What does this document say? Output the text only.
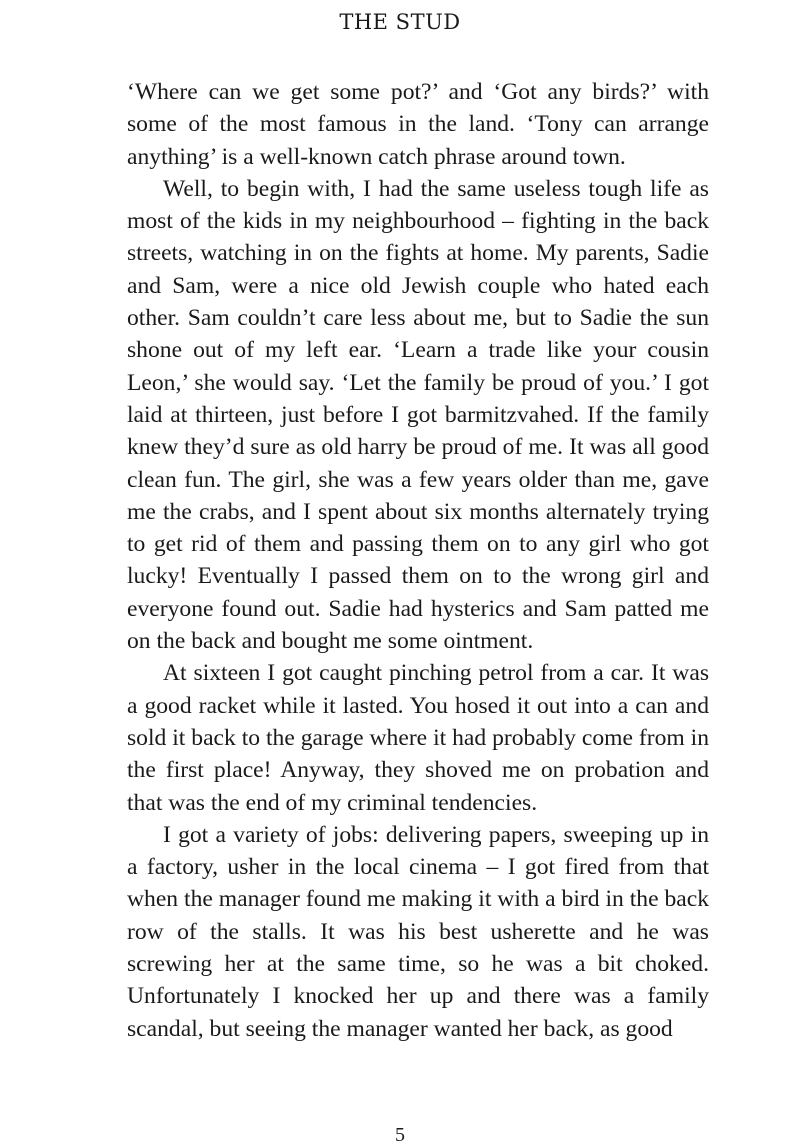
THE STUD

‘Where can we get some pot?’ and ‘Got any birds?’ with some of the most famous in the land. ‘Tony can arrange anything’ is a well-known catch phrase around town.

Well, to begin with, I had the same useless tough life as most of the kids in my neighbourhood – fighting in the back streets, watching in on the fights at home. My parents, Sadie and Sam, were a nice old Jewish couple who hated each other. Sam couldn’t care less about me, but to Sadie the sun shone out of my left ear. ‘Learn a trade like your cousin Leon,’ she would say. ‘Let the family be proud of you.’ I got laid at thirteen, just before I got barmitzvahed. If the family knew they’d sure as old harry be proud of me. It was all good clean fun. The girl, she was a few years older than me, gave me the crabs, and I spent about six months alternately trying to get rid of them and passing them on to any girl who got lucky! Eventually I passed them on to the wrong girl and everyone found out. Sadie had hysterics and Sam patted me on the back and bought me some ointment.

At sixteen I got caught pinching petrol from a car. It was a good racket while it lasted. You hosed it out into a can and sold it back to the garage where it had probably come from in the first place! Anyway, they shoved me on probation and that was the end of my criminal tendencies.

I got a variety of jobs: delivering papers, sweeping up in a factory, usher in the local cinema – I got fired from that when the manager found me making it with a bird in the back row of the stalls. It was his best usherette and he was screwing her at the same time, so he was a bit choked. Unfortunately I knocked her up and there was a family scandal, but seeing the manager wanted her back, as good

5
